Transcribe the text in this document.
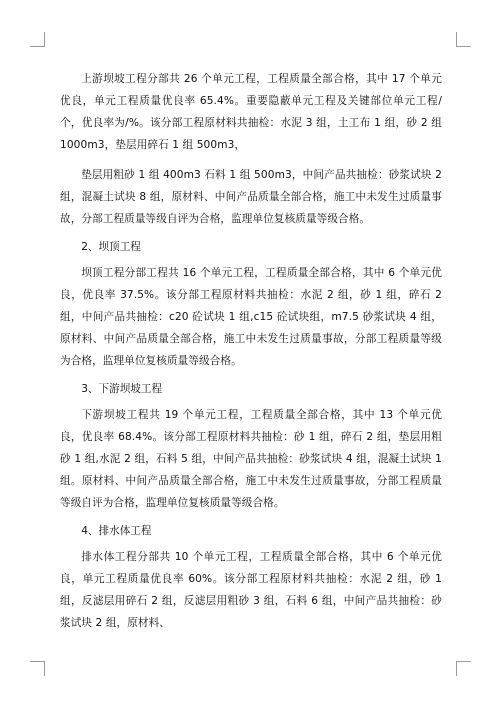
上游坝坡工程分部共 26 个单元工程，工程质量全部合格，其中 17 个单元优良，单元工程质量优良率 65.4%。重要隐蔽单元工程及关键部位单元工程/个，优良率为/%。该分部工程原材料共抽检：水泥 3 组，土工布 1 组，砂 2 组 1000m3，垫层用碎石 1 组 500m3，

垫层用粗砂 1 组 400m3 石料 1 组 500m3，中间产品共抽检：砂浆试块 2 组，混凝土试块 8 组，原材料、中间产品质量全部合格，施工中未发生过质量事故，分部工程质量等级自评为合格，监理单位复核质量等级合格。

2、坝顶工程

坝顶工程分部工程共 16 个单元工程，工程质量全部合格，其中 6 个单元优良，优良率 37.5%。该分部工程原材料共抽检：水泥 2 组，砂 1 组，碎石 2 组，中间产品共抽检：c20 砼试块 1 组,c15 砼试块组，m7.5 砂浆试块 4 组，原材料、中间产品质量全部合格，施工中未发生过质量事故，分部工程质量等级为合格，监理单位复核质量等级合格。

3、下游坝坡工程

下游坝坡工程共 19 个单元工程，工程质量全部合格，其中 13 个单元优良，优良率 68.4%。该分部工程原材料共抽检：砂 1 组，碎石 2 组，垫层用粗砂 1 组,水泥 2 组，石料 5 组，中间产品共抽检：砂浆试块 4 组，混凝土试块 1 组。原材料、中间产品质量全部合格，施工中未发生过质量事故，分部工程质量等级自评为合格，监理单位复核质量等级合格。

4、排水体工程

排水体工程分部共 10 个单元工程，工程质量全部合格，其中 6 个单元优良，单元工程质量优良率 60%。该分部工程原材料共抽检：水泥 2 组，砂 1 组，反滤层用碎石 2 组，反滤层用粗砂 3 组，石料 6 组，中间产品共抽检：砂浆试块 2 组，原材料、
